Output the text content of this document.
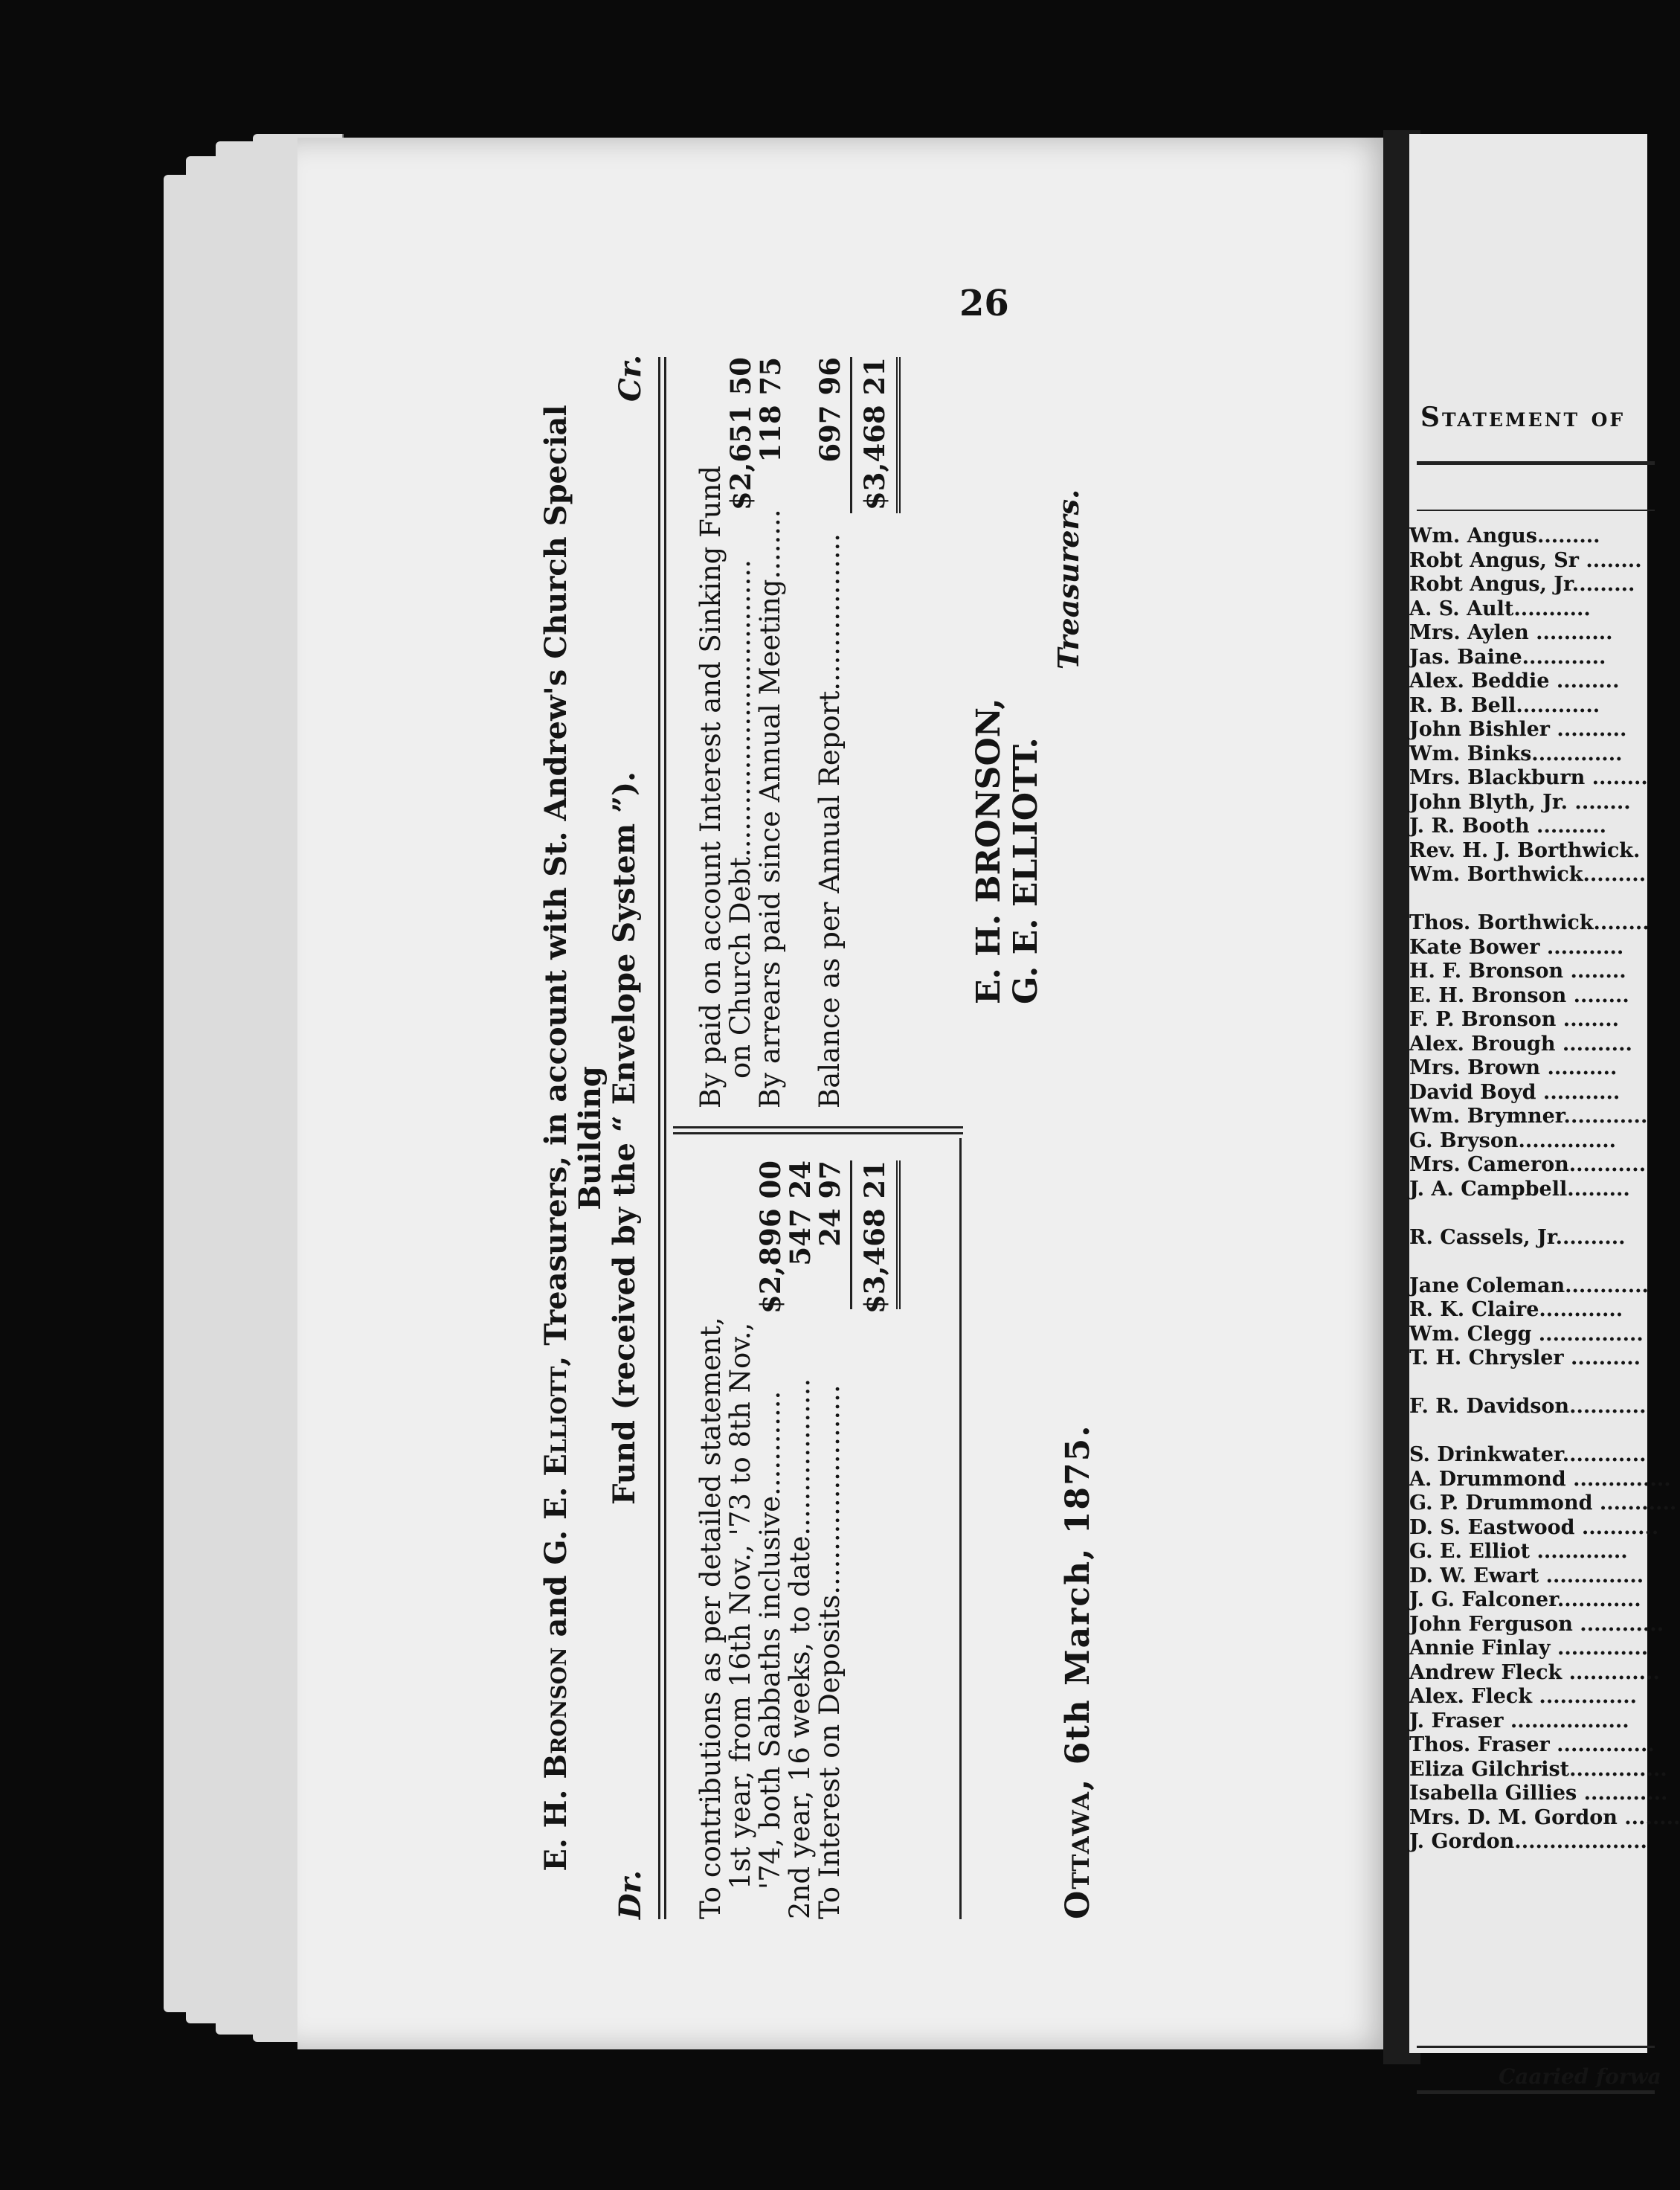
26
E. H. Bronson and G. E. Elliott, Treasurers, in account with St. Andrew's Church Special Building Fund (received by the “ Envelope System ”).
Dr.
Cr.
To contributions as per detailed statement,
1st year, from 16th Nov., '73 to 8th Nov.,
'74, both Sabbaths inclusive............
2nd year, 16 weeks, to date..................
To Interest on Deposits........................
$2,896 00
547 24
24 97 $3,468 21
By paid on account Interest and Sinking Fund
on Church Debt..................................
By arrears paid since Annual Meeting........ Balance as per Annual Report..................
$2,651 50
118 75 697 96 $3,468 21
E. H. BRONSON, G. E. ELLIOTT.
Treasurers.
Ottawa, 6th March, 1875.
Statement of
Wm. Angus.........
Robt Angus, Sr ........
Robt Angus, Jr.........
A. S. Ault...........
Mrs. Aylen ...........
Jas. Baine............
Alex. Beddie .........
R. B. Bell............
John Bishler ..........
Wm. Binks.............
Mrs. Blackburn ........
John Blyth, Jr. ........
J. R. Booth ..........
Rev. H. J. Borthwick.
Wm. Borthwick.........
Thos. Borthwick........
Kate Bower ...........
H. F. Bronson ........
E. H. Bronson ........
F. P. Bronson ........
Alex. Brough ..........
Mrs. Brown ..........
David Boyd ...........
Wm. Brymner............
G. Bryson..............
Mrs. Cameron...........
J. A. Campbell.........
R. Cassels, Jr..........
Jane Coleman............
R. K. Claire............
Wm. Clegg ...............
T. H. Chrysler ..........
F. R. Davidson...........
S. Drinkwater............
A. Drummond ..............
G. P. Drummond ...........
D. S. Eastwood ...........
G. E. Elliot .............
D. W. Ewart ..............
J. G. Falconer............
John Ferguson ............
Annie Finlay .............
Andrew Fleck .............
Alex. Fleck ..............
J. Fraser .................
Thos. Fraser ..............
Eliza Gilchrist..............
Isabella Gillies ............
Mrs. D. M. Gordon ........
J. Gordon...................
Caaried forwa
